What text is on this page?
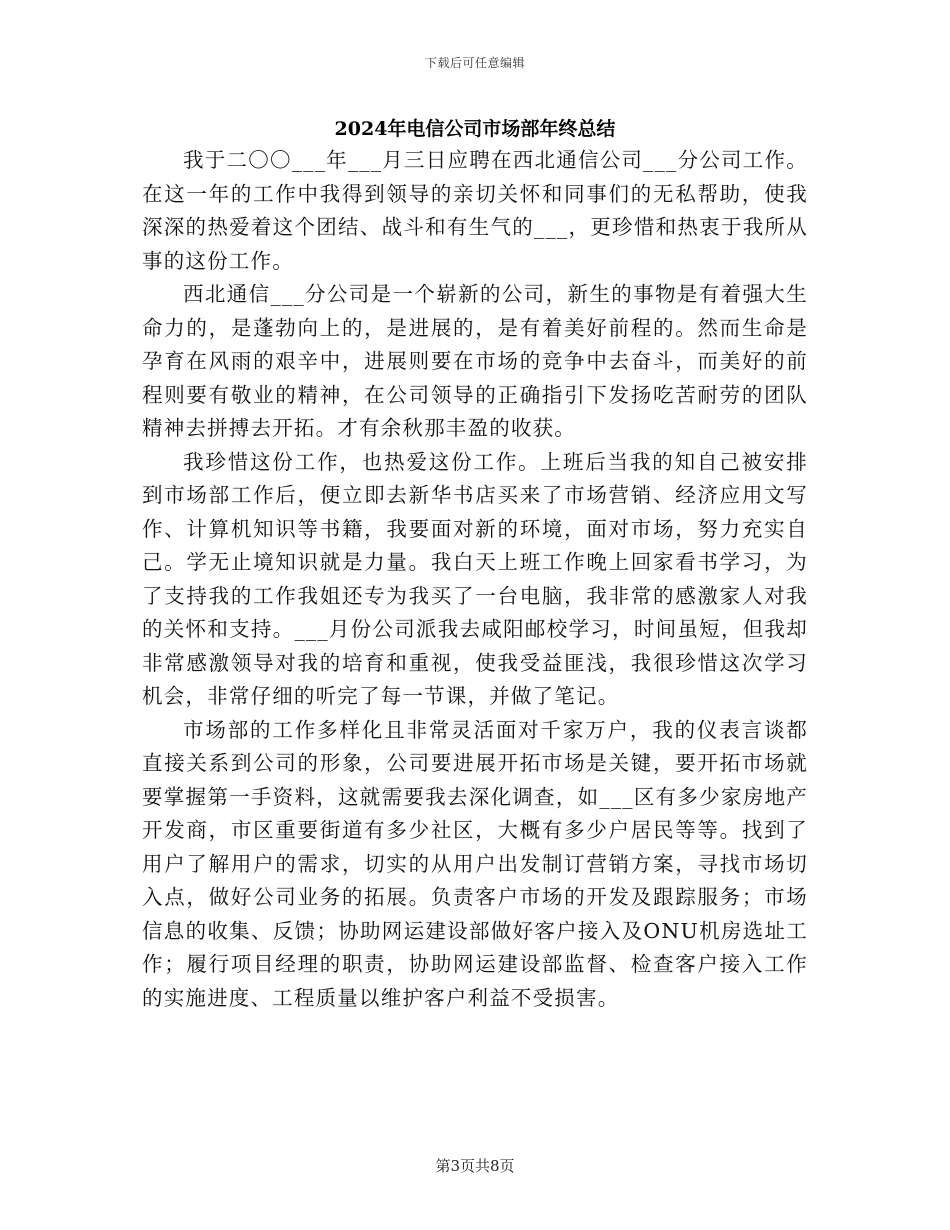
下载后可任意编辑
2024年电信公司市场部年终总结

我于二〇〇___年___月三日应聘在西北通信公司___分公司工作。在这一年的工作中我得到领导的亲切关怀和同事们的无私帮助，使我深深的热爱着这个团结、战斗和有生气的___，更珍惜和热衷于我所从事的这份工作。

西北通信___分公司是一个崭新的公司，新生的事物是有着强大生命力的，是蓬勃向上的，是进展的，是有着美好前程的。然而生命是孕育在风雨的艰辛中，进展则要在市场的竞争中去奋斗，而美好的前程则要有敬业的精神，在公司领导的正确指引下发扬吃苦耐劳的团队精神去拼搏去开拓。才有余秋那丰盈的收获。

我珍惜这份工作，也热爱这份工作。上班后当我的知自己被安排到市场部工作后，便立即去新华书店买来了市场营销、经济应用文写作、计算机知识等书籍，我要面对新的环境，面对市场，努力充实自己。学无止境知识就是力量。我白天上班工作晚上回家看书学习，为了支持我的工作我姐还专为我买了一台电脑，我非常的感激家人对我的关怀和支持。___月份公司派我去咸阳邮校学习，时间虽短，但我却非常感激领导对我的培育和重视，使我受益匪浅，我很珍惜这次学习机会，非常仔细的听完了每一节课，并做了笔记。

市场部的工作多样化且非常灵活面对千家万户，我的仪表言谈都直接关系到公司的形象，公司要进展开拓市场是关键，要开拓市场就要掌握第一手资料，这就需要我去深化调查，如___区有多少家房地产开发商，市区重要街道有多少社区，大概有多少户居民等等。找到了用户了解用户的需求，切实的从用户出发制订营销方案，寻找市场切入点，做好公司业务的拓展。负责客户市场的开发及跟踪服务；市场信息的收集、反馈；协助网运建设部做好客户接入及ONU机房选址工作；履行项目经理的职责，协助网运建设部监督、检查客户接入工作的实施进度、工程质量以维护客户利益不受损害。

第3页共8页
